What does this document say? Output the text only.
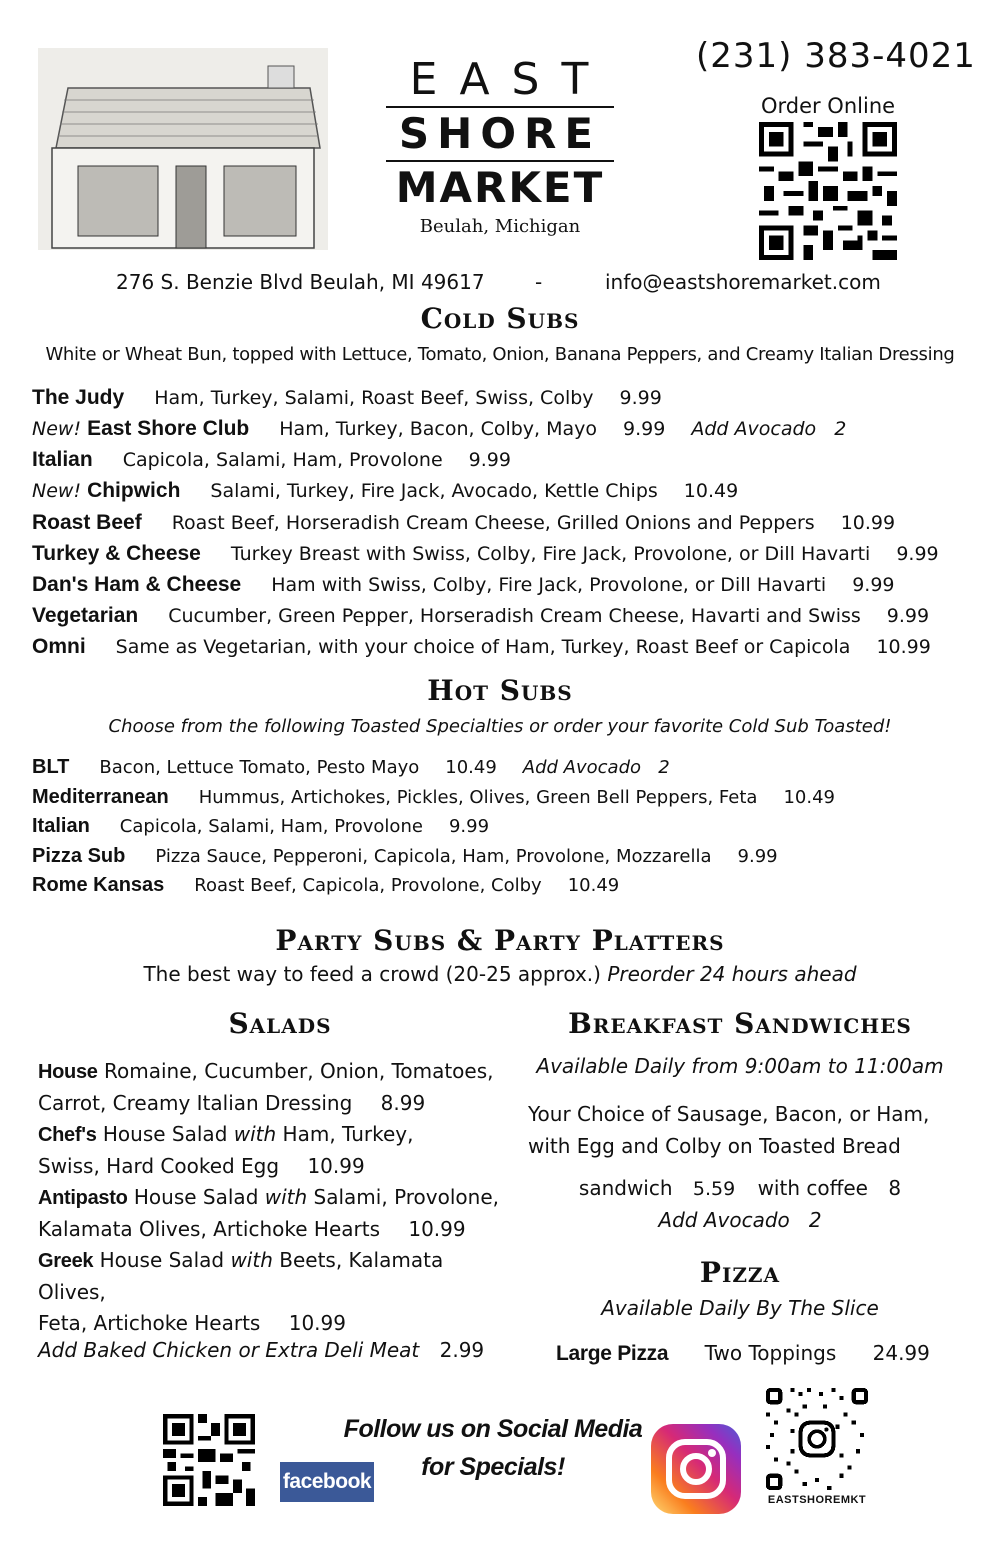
EAST
SHORE
MARKET
Beulah, Michigan
(231) 383-4021
Order Online
276 S. Benzie Blvd Beulah, MI 49617	-	info@eastshoremarket.com
Cold Subs
White or Wheat Bun, topped with Lettuce, Tomato, Onion, Banana Peppers, and Creamy Italian Dressing
The Judy Ham, Turkey, Salami, Roast Beef, Swiss, Colby 9.99
New! East Shore Club Ham, Turkey, Bacon, Colby, Mayo 9.99 Add Avocado   2
Italian Capicola, Salami, Ham, Provolone 9.99
New! Chipwich Salami, Turkey, Fire Jack, Avocado, Kettle Chips 10.49
Roast Beef Roast Beef, Horseradish Cream Cheese, Grilled Onions and Peppers 10.99
Turkey & Cheese Turkey Breast with Swiss, Colby, Fire Jack, Provolone, or Dill Havarti 9.99
Dan's Ham & Cheese Ham with Swiss, Colby, Fire Jack, Provolone, or Dill Havarti 9.99
Vegetarian Cucumber, Green Pepper, Horseradish Cream Cheese, Havarti and Swiss 9.99
Omni Same as Vegetarian, with your choice of Ham, Turkey, Roast Beef or Capicola 10.99
Hot Subs
Choose from the following Toasted Specialties or order your favorite Cold Sub Toasted!
BLT Bacon, Lettuce Tomato, Pesto Mayo 10.49 Add Avocado   2
Mediterranean Hummus, Artichokes, Pickles, Olives, Green Bell Peppers, Feta 10.49
Italian Capicola, Salami, Ham, Provolone 9.99
Pizza Sub Pizza Sauce, Pepperoni, Capicola, Ham, Provolone, Mozzarella 9.99
Rome Kansas Roast Beef, Capicola, Provolone, Colby 10.49
Party Subs & Party Platters
The best way to feed a crowd (20-25 approx.) Preorder 24 hours ahead
Salads
House Romaine, Cucumber, Onion, Tomatoes,
Carrot, Creamy Italian Dressing 8.99
Chef's House Salad with Ham, Turkey,
Swiss, Hard Cooked Egg 10.99
Antipasto House Salad with Salami, Provolone,
Kalamata Olives, Artichoke Hearts 10.99
Greek House Salad with Beets, Kalamata Olives,
Feta, Artichoke Hearts 10.99
Add Baked Chicken or Extra Deli Meat 2.99
Breakfast Sandwiches
Available Daily from 9:00am to 11:00am
Your Choice of Sausage, Bacon, or Ham,
with Egg and Colby on Toasted Bread
sandwich 5.59 with coffee 8
Add Avocado   2
Pizza
Available Daily By The Slice
Large Pizza Two Toppings 24.99
facebook
Follow us on Social Media
for Specials!
EASTSHOREMKT
